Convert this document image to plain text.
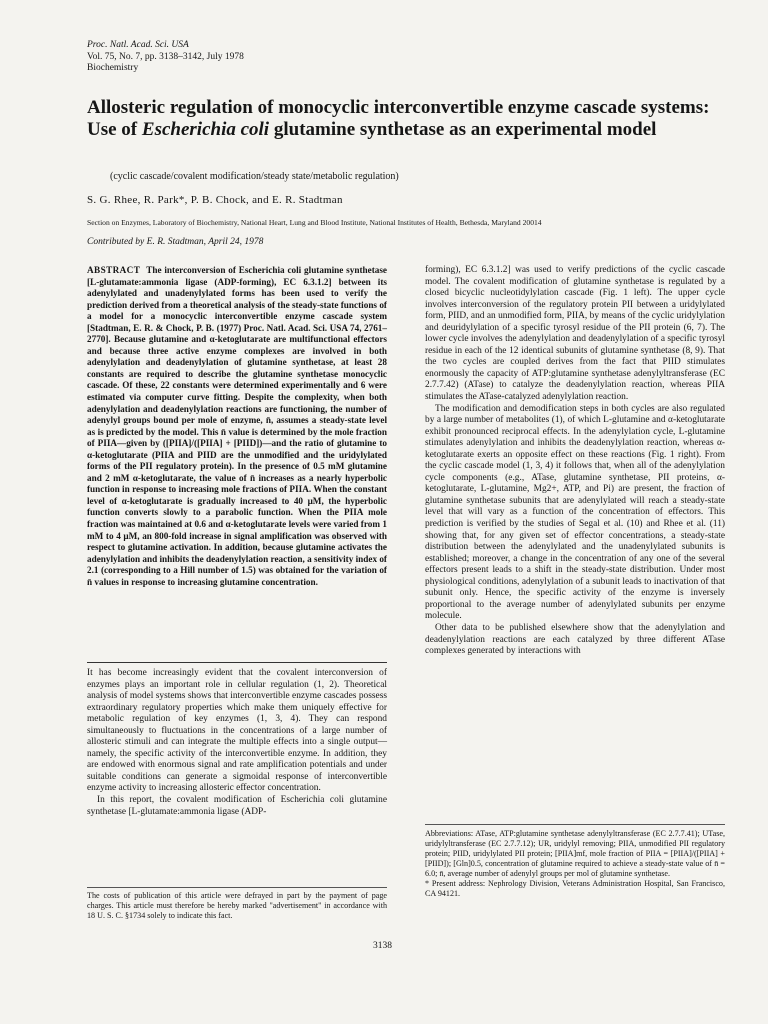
Proc. Natl. Acad. Sci. USA
Vol. 75, No. 7, pp. 3138–3142, July 1978
Biochemistry
Allosteric regulation of monocyclic interconvertible enzyme cascade systems: Use of Escherichia coli glutamine synthetase as an experimental model
(cyclic cascade/covalent modification/steady state/metabolic regulation)
S. G. Rhee, R. Park*, P. B. Chock, and E. R. Stadtman
Section on Enzymes, Laboratory of Biochemistry, National Heart, Lung and Blood Institute, National Institutes of Health, Bethesda, Maryland 20014
Contributed by E. R. Stadtman, April 24, 1978
ABSTRACT The interconversion of Escherichia coli glutamine synthetase [L-glutamate:ammonia ligase (ADP-forming), EC 6.3.1.2] between its adenylylated and unadenylylated forms has been used to verify the prediction derived from a theoretical analysis of the steady-state functions of a model for a monocyclic interconvertible enzyme cascade system [Stadtman, E. R. & Chock, P. B. (1977) Proc. Natl. Acad. Sci. USA 74, 2761–2770]. Because glutamine and α-ketoglutarate are multifunctional effectors and because three active enzyme complexes are involved in both adenylylation and deadenylylation of glutamine synthetase, at least 28 constants are required to describe the glutamine synthetase monocyclic cascade. Of these, 22 constants were determined experimentally and 6 were estimated via computer curve fitting. Despite the complexity, when both adenylylation and deadenylylation reactions are functioning, the number of adenylyl groups bound per mole of enzyme, n̄, assumes a steady-state level as is predicted by the model. This n̄ value is determined by the mole fraction of PIIA—given by ([PIIA]/([PIIA] + [PIID])—and the ratio of glutamine to α-ketoglutarate (PIIA and PIID are the unmodified and the uridylylated forms of the PII regulatory protein). In the presence of 0.5 mM glutamine and 2 mM α-ketoglutarate, the value of n̄ increases as a nearly hyperbolic function in response to increasing mole fractions of PIIA. When the constant level of α-ketoglutarate is gradually increased to 40 μM, the hyperbolic function converts slowly to a parabolic function. When the PIIA mole fraction was maintained at 0.6 and α-ketoglutarate levels were varied from 1 mM to 4 μM, an 800-fold increase in signal amplification was observed with respect to glutamine activation. In addition, because glutamine activates the adenylylation and inhibits the deadenylylation reaction, a sensitivity index of 2.1 (corresponding to a Hill number of 1.5) was obtained for the variation of n̄ values in response to increasing glutamine concentration.

It has become increasingly evident that the covalent interconversion of enzymes plays an important role in cellular regulation (1, 2). Theoretical analysis of model systems shows that interconvertible enzyme cascades possess extraordinary regulatory properties which make them uniquely effective for metabolic regulation of key enzymes (1, 3, 4). They can respond simultaneously to fluctuations in the concentrations of a large number of allosteric stimuli and can integrate the multiple effects into a single output—namely, the specific activity of the interconvertible enzyme. In addition, they are endowed with enormous signal and rate amplification potentials and under suitable conditions can generate a sigmoidal response of interconvertible enzyme activity to increasing allosteric effector concentration.

In this report, the covalent modification of Escherichia coli glutamine synthetase [L-glutamate:ammonia ligase (ADP-

The costs of publication of this article were defrayed in part by the payment of page charges. This article must therefore be hereby marked "advertisement" in accordance with 18 U. S. C. §1734 solely to indicate this fact.

forming), EC 6.3.1.2] was used to verify predictions of the cyclic cascade model. The covalent modification of glutamine synthetase is regulated by a closed bicyclic nucleotidylylation cascade (Fig. 1 left). The upper cycle involves interconversion of the regulatory protein PII between a uridylylated form, PIID, and an unmodified form, PIIA, by means of the cyclic uridylylation and deuridylylation of a specific tyrosyl residue of the PII protein (6, 7). The lower cycle involves the adenylylation and deadenylylation of a specific tyrosyl residue in each of the 12 identical subunits of glutamine synthetase (8, 9). That the two cycles are coupled derives from the fact that PIID stimulates enormously the capacity of ATP:glutamine synthetase adenylyltransferase (EC 2.7.7.42) (ATase) to catalyze the deadenylylation reaction, whereas PIIA stimulates the ATase-catalyzed adenylylation reaction.

The modification and demodification steps in both cycles are also regulated by a large number of metabolites (1), of which L-glutamine and α-ketoglutarate exhibit pronounced reciprocal effects. In the adenylylation cycle, L-glutamine stimulates adenylylation and inhibits the deadenylylation reaction, whereas α-ketoglutarate exerts an opposite effect on these reactions (Fig. 1 right). From the cyclic cascade model (1, 3, 4) it follows that, when all of the adenylylation cycle components (e.g., ATase, glutamine synthetase, PII proteins, α-ketoglutarate, L-glutamine, Mg2+, ATP, and Pi) are present, the fraction of glutamine synthetase subunits that are adenylylated will reach a steady-state level that will vary as a function of the concentration of effectors. This prediction is verified by the studies of Segal et al. (10) and Rhee et al. (11) showing that, for any given set of effector concentrations, a steady-state distribution between the adenylylated and the unadenylylated subunits is established; moreover, a change in the concentration of any one of the several effectors present leads to a shift in the steady-state distribution. Under most physiological conditions, adenylylation of a subunit leads to inactivation of that subunit only. Hence, the specific activity of the enzyme is inversely proportional to the average number of adenylylated subunits per enzyme molecule.

Other data to be published elsewhere show that the adenylylation and deadenylylation reactions are each catalyzed by three different ATase complexes generated by interactions with

Abbreviations: ATase, ATP:glutamine synthetase adenylyltransferase (EC 2.7.7.41); UTase, uridylyltransferase (EC 2.7.7.12); UR, uridylyl removing; PIIA, unmodified PII regulatory protein; PIID, uridylylated PII protein; [PIIA]mf, mole fraction of PIIA = [PIIA]/([PIIA] + [PIID]); [Gln]0.5, concentration of glutamine required to achieve a steady-state value of n̄ = 6.0; n̄, average number of adenylyl groups per mol of glutamine synthetase.
* Present address: Nephrology Division, Veterans Administration Hospital, San Francisco, CA 94121.
3138
